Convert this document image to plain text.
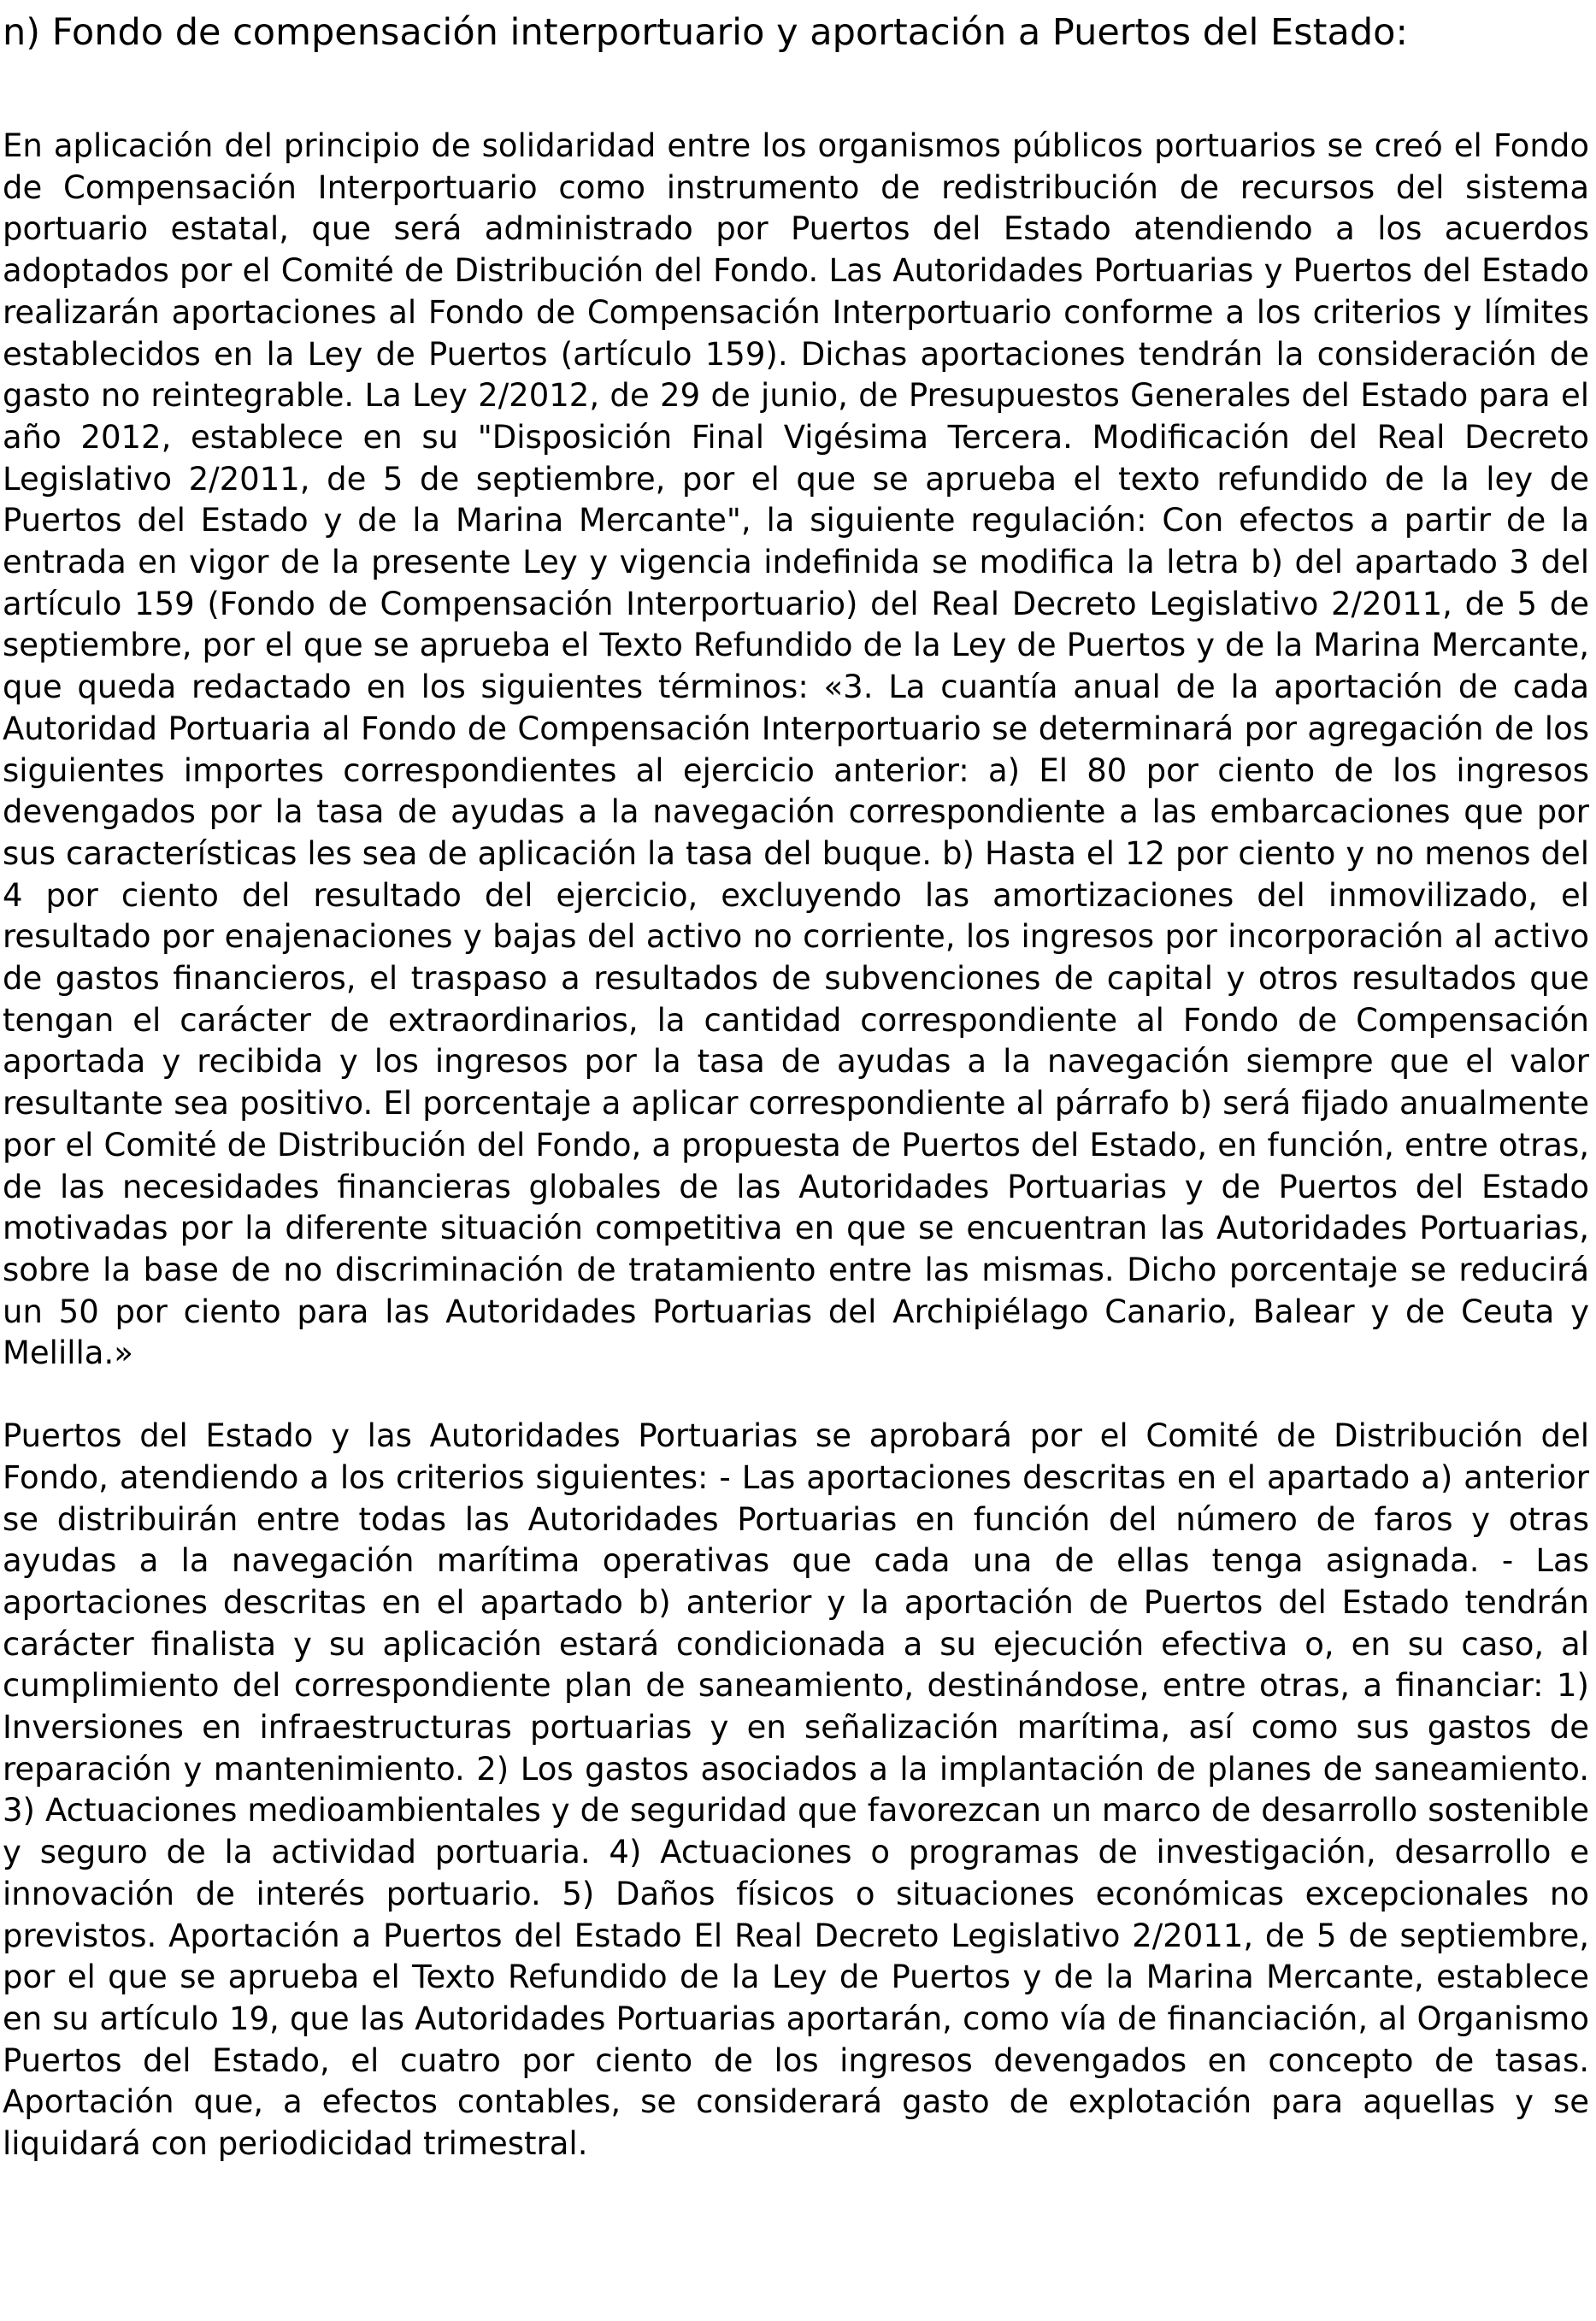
n) Fondo de compensación interportuario y aportación a Puertos del Estado:

En aplicación del principio de solidaridad entre los organismos públicos portuarios se creó el Fondo de Compensación Interportuario como instrumento de redistribución de recursos del sistema portuario estatal, que será administrado por Puertos del Estado atendiendo a los acuerdos adoptados por el Comité de Distribución del Fondo. Las Autoridades Portuarias y Puertos del Estado realizarán aportaciones al Fondo de Compensación Interportuario conforme a los criterios y límites establecidos en la Ley de Puertos (artículo 159). Dichas aportaciones tendrán la consideración de gasto no reintegrable. La Ley 2/2012, de 29 de junio, de Presupuestos Generales del Estado para el año 2012, establece en su "Disposición Final Vigésima Tercera. Modificación del Real Decreto Legislativo 2/2011, de 5 de septiembre, por el que se aprueba el texto refundido de la ley de Puertos del Estado y de la Marina Mercante", la siguiente regulación: Con efectos a partir de la entrada en vigor de la presente Ley y vigencia indefinida se modifica la letra b) del apartado 3 del artículo 159 (Fondo de Compensación Interportuario) del Real Decreto Legislativo 2/2011, de 5 de septiembre, por el que se aprueba el Texto Refundido de la Ley de Puertos y de la Marina Mercante, que queda redactado en los siguientes términos: «3. La cuantía anual de la aportación de cada Autoridad Portuaria al Fondo de Compensación Interportuario se determinará por agregación de los siguientes importes correspondientes al ejercicio anterior: a) El 80 por ciento de los ingresos devengados por la tasa de ayudas a la navegación correspondiente a las embarcaciones que por sus características les sea de aplicación la tasa del buque. b) Hasta el 12 por ciento y no menos del 4 por ciento del resultado del ejercicio, excluyendo las amortizaciones del inmovilizado, el resultado por enajenaciones y bajas del activo no corriente, los ingresos por incorporación al activo de gastos financieros, el traspaso a resultados de subvenciones de capital y otros resultados que tengan el carácter de extraordinarios, la cantidad correspondiente al Fondo de Compensación aportada y recibida y los ingresos por la tasa de ayudas a la navegación siempre que el valor resultante sea positivo. El porcentaje a aplicar correspondiente al párrafo b) será fijado anualmente por el Comité de Distribución del Fondo, a propuesta de Puertos del Estado, en función, entre otras, de las necesidades financieras globales de las Autoridades Portuarias y de Puertos del Estado motivadas por la diferente situación competitiva en que se encuentran las Autoridades Portuarias, sobre la base de no discriminación de tratamiento entre las mismas. Dicho porcentaje se reducirá un 50 por ciento para las Autoridades Portuarias del Archipiélago Canario, Balear y de Ceuta y Melilla.»

Puertos del Estado y las Autoridades Portuarias se aprobará por el Comité de Distribución del Fondo, atendiendo a los criterios siguientes: - Las aportaciones descritas en el apartado a) anterior se distribuirán entre todas las Autoridades Portuarias en función del número de faros y otras ayudas a la navegación marítima operativas que cada una de ellas tenga asignada. - Las aportaciones descritas en el apartado b) anterior y la aportación de Puertos del Estado tendrán carácter finalista y su aplicación estará condicionada a su ejecución efectiva o, en su caso, al cumplimiento del correspondiente plan de saneamiento, destinándose, entre otras, a financiar: 1) Inversiones en infraestructuras portuarias y en señalización marítima, así como sus gastos de reparación y mantenimiento. 2) Los gastos asociados a la implantación de planes de saneamiento. 3) Actuaciones medioambientales y de seguridad que favorezcan un marco de desarrollo sostenible y seguro de la actividad portuaria. 4) Actuaciones o programas de investigación, desarrollo e innovación de interés portuario. 5) Daños físicos o situaciones económicas excepcionales no previstos. Aportación a Puertos del Estado El Real Decreto Legislativo 2/2011, de 5 de septiembre, por el que se aprueba el Texto Refundido de la Ley de Puertos y de la Marina Mercante, establece en su artículo 19, que las Autoridades Portuarias aportarán, como vía de financiación, al Organismo Puertos del Estado, el cuatro por ciento de los ingresos devengados en concepto de tasas. Aportación que, a efectos contables, se considerará gasto de explotación para aquellas y se liquidará con periodicidad trimestral.
